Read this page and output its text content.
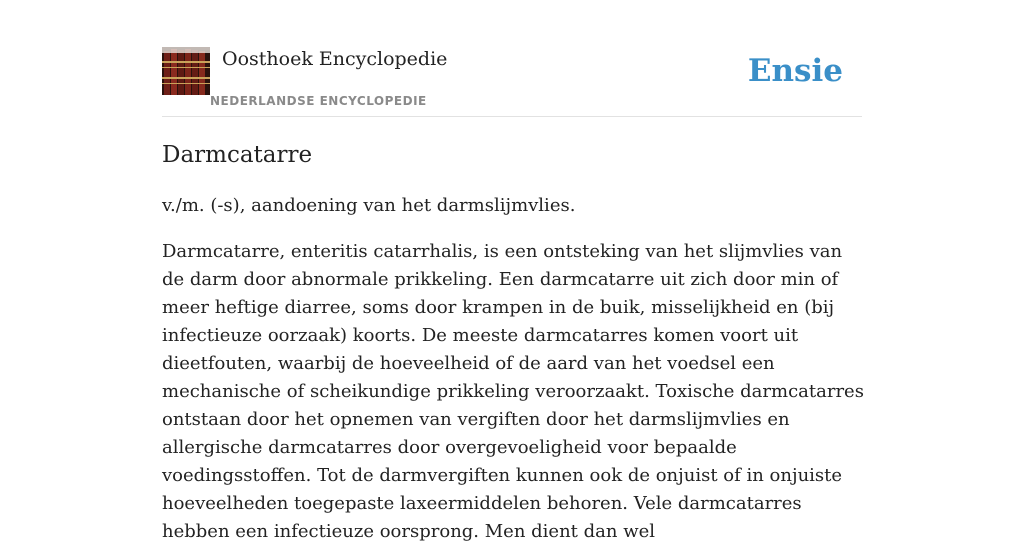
Oosthoek Encyclopedie
NEDERLANDSE ENCYCLOPEDIE
Ensie
Darmcatarre

v./m. (-s), aandoening van het darmslijmvlies.

Darmcatarre, enteritis catarrhalis, is een ontsteking van het slijmvlies van de darm door abnormale prikkeling. Een darmcatarre uit zich door min of meer heftige diarree, soms door krampen in de buik, misselijkheid en (bij infectieuze oorzaak) koorts. De meeste darmcatarres komen voort uit dieetfouten, waarbij de hoeveelheid of de aard van het voedsel een mechanische of scheikundige prikkeling veroorzaakt. Toxische darmcatarres ontstaan door het opnemen van vergiften door het darmslijmvlies en allergische darmcatarres door overgevoeligheid voor bepaalde voedingsstoffen. Tot de darmvergiften kunnen ook de onjuist of in onjuiste hoeveelheden toegepaste laxeermiddelen behoren. Vele darmcatarres hebben een infectieuze oorsprong. Men dient dan wel
